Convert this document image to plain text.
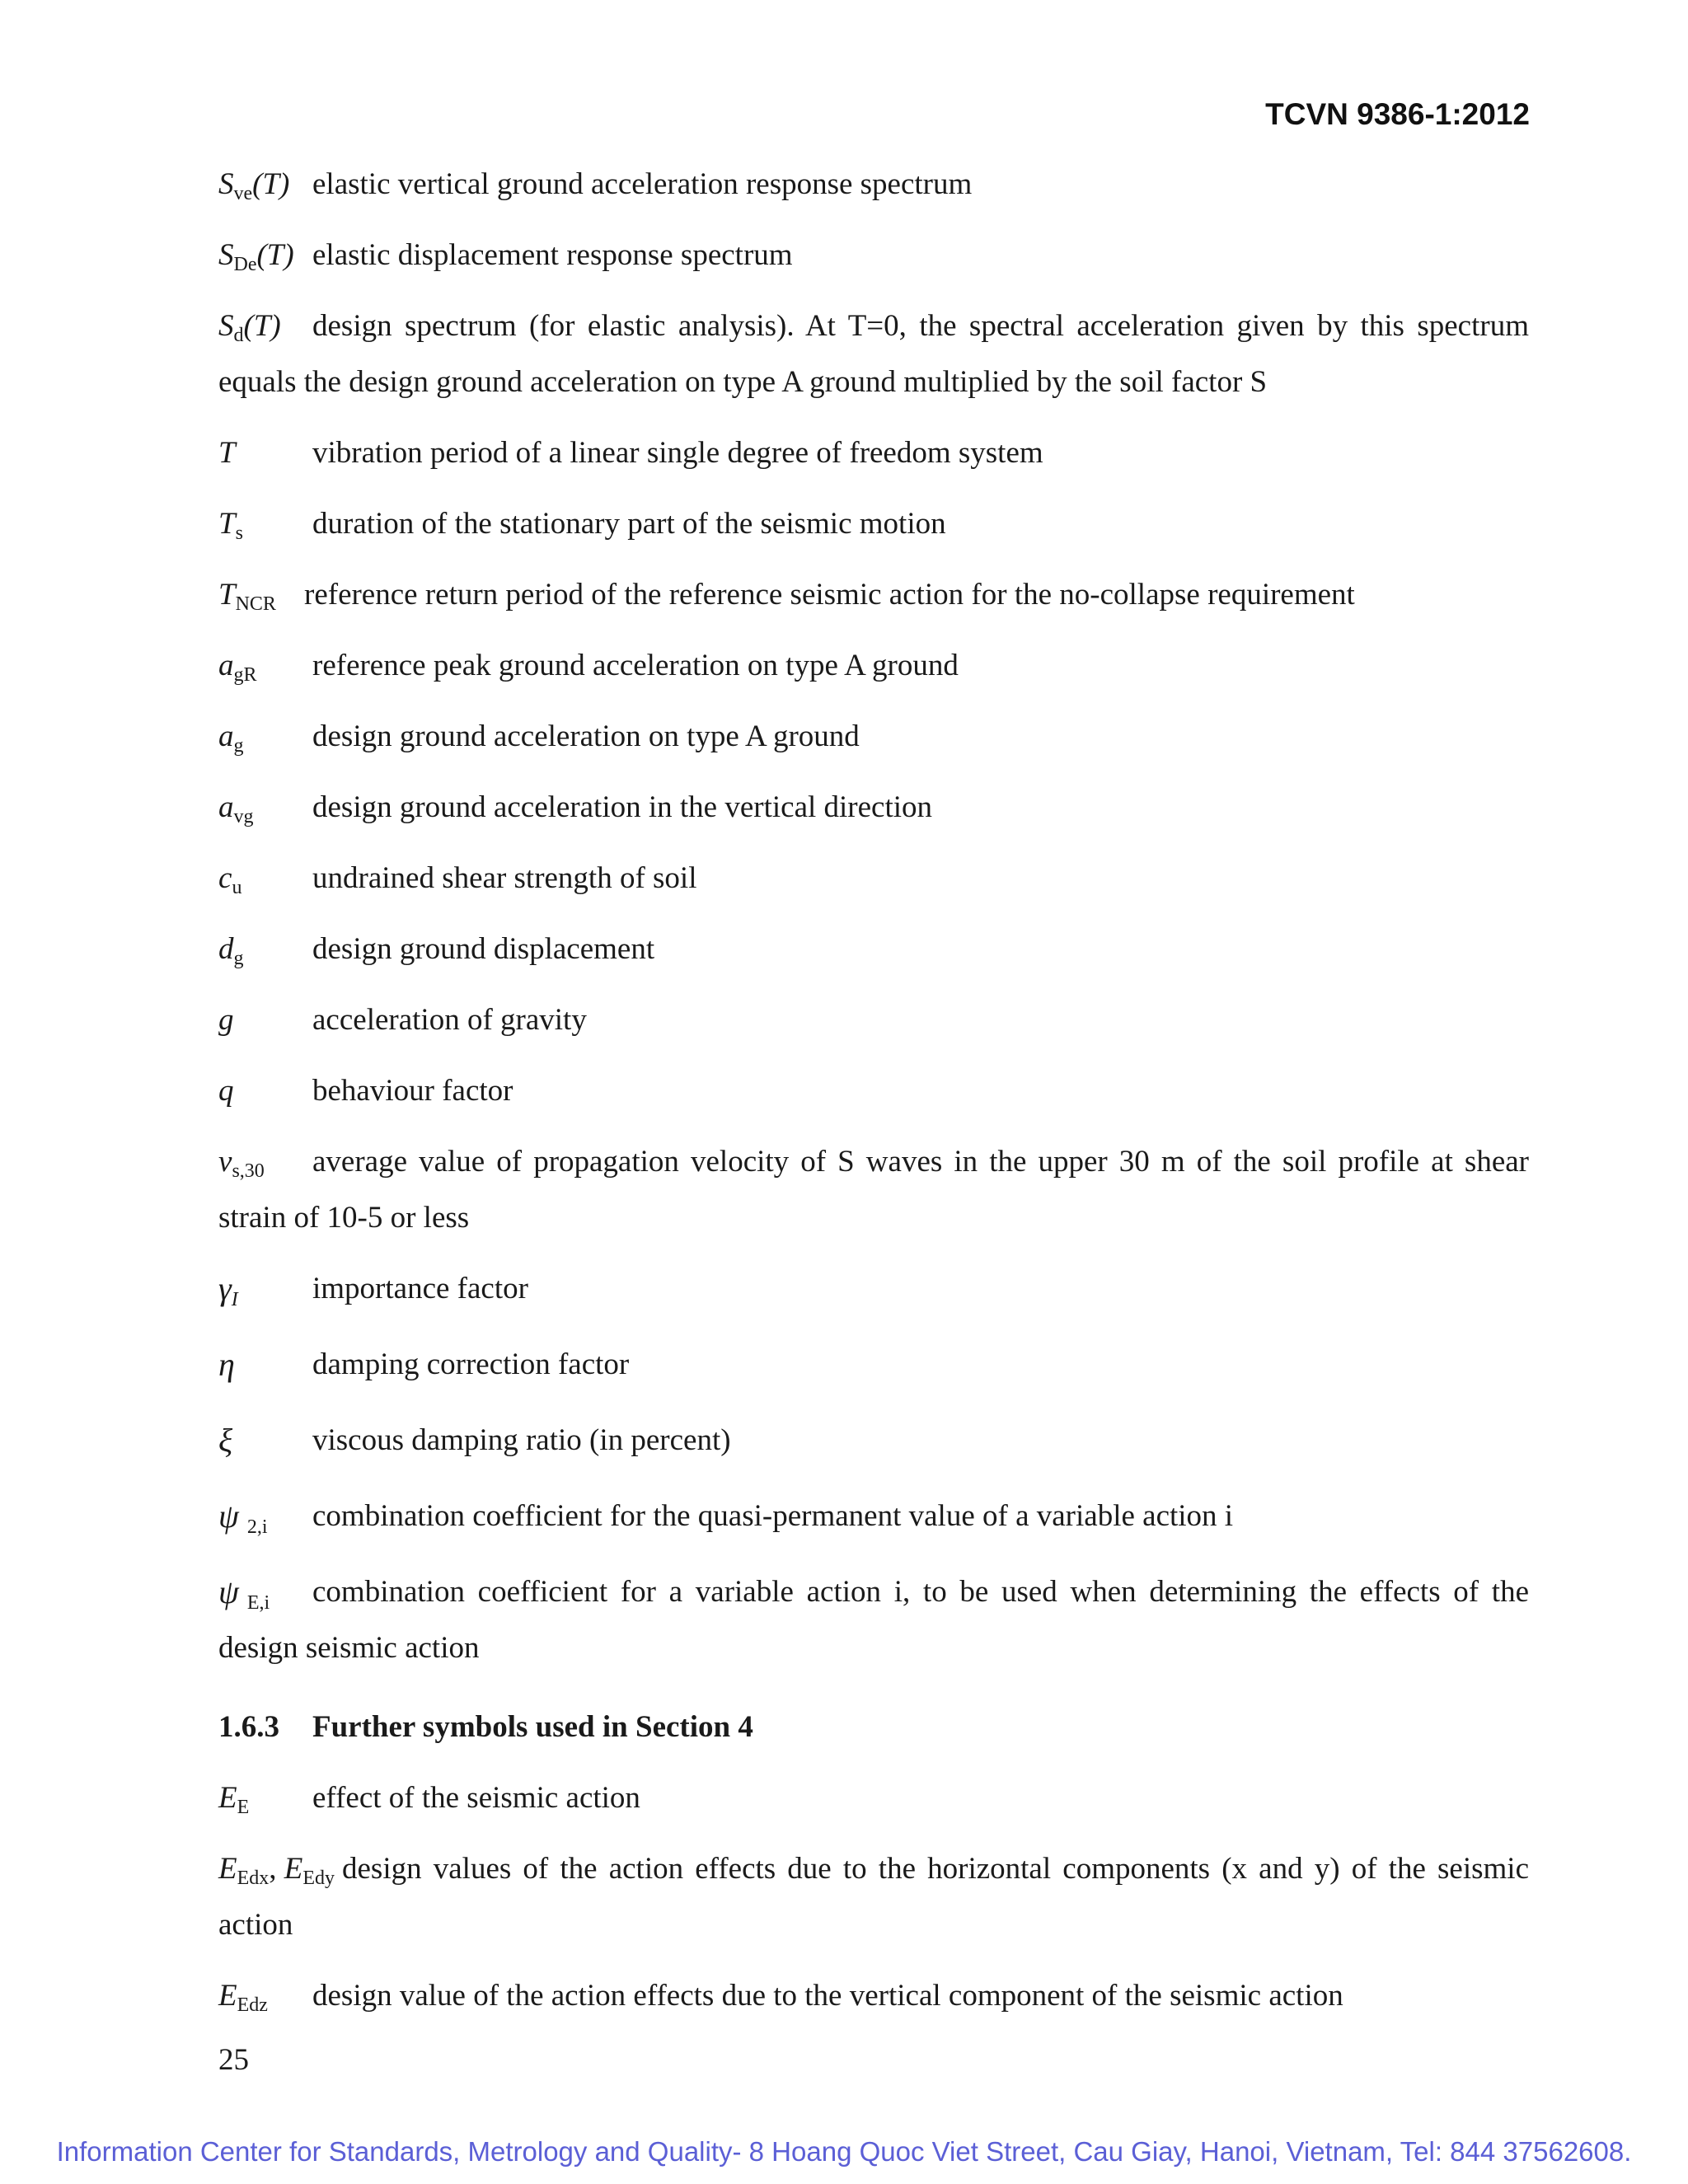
TCVN 9386-1:2012
$S_{ve}(T)$ elastic vertical ground acceleration response spectrum
$S_{De}(T)$ elastic displacement response spectrum
$S_d(T)$	design spectrum (for elastic analysis). At T=0, the spectral acceleration given by this spectrum equals the design ground acceleration on type A ground multiplied by the soil factor S
T	vibration period of a linear single degree of freedom system
$T_s$	duration of the stationary part of the seismic motion
$T_{NCR}$ reference return period of the reference seismic action for the no-collapse requirement
$a_{gR}$	reference peak ground acceleration on type A ground
$a_g$	design ground acceleration on type A ground
$a_{vg}$	design ground acceleration in the vertical direction
$c_u$	undrained shear strength of soil
$d_g$	design ground displacement
g	acceleration of gravity
q	behaviour factor
$v_{s,30}$	average value of propagation velocity of S waves in the upper 30 m of the soil profile at shear strain of 10-5 or less
$\gamma_I$	importance factor
η	damping correction factor
ξ	viscous damping ratio (in percent)
ψ $_{2,i}$	combination coefficient for the quasi-permanent value of a variable action i
ψ $_{E,i}$	combination coefficient for a variable action i, to be used when determining the effects of the design seismic action
1.6.3	Further symbols used in Section 4
$E_E$	effect of the seismic action
$E_{Edx}$, $E_{Edy}$ design values of the action effects due to the horizontal components (x and y) of the seismic action
$E_{Edz}$	design value of the action effects due to the vertical component of the seismic action
25
Information Center for Standards, Metrology and Quality- 8 Hoang Quoc Viet Street, Cau Giay, Hanoi, Vietnam, Tel: 844 37562608.
